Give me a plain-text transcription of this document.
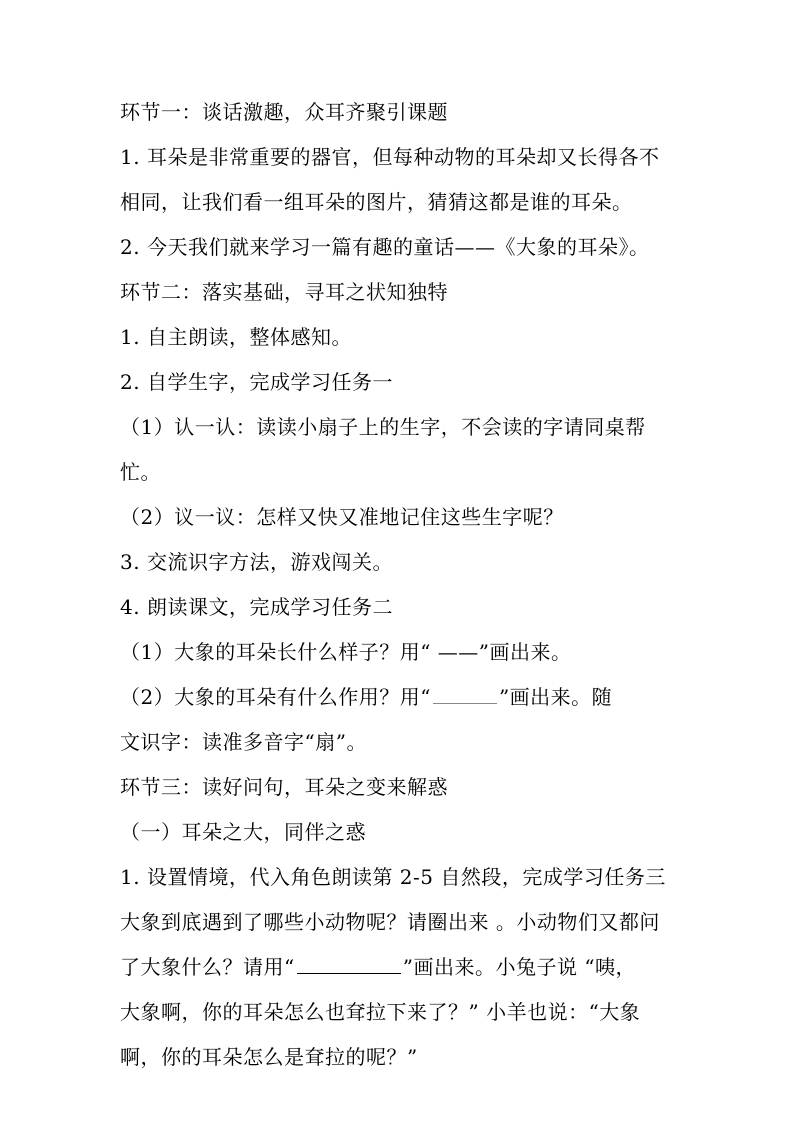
环节一：谈话激趣，众耳齐聚引课题
1. 耳朵是非常重要的器官，但每种动物的耳朵却又长得各不
相同，让我们看一组耳朵的图片，猜猜这都是谁的耳朵。
2. 今天我们就来学习一篇有趣的童话——《大象的耳朵》。
环节二：落实基础，寻耳之状知独特
1. 自主朗读，整体感知。
2. 自学生字，完成学习任务一
（1）认一认：读读小扇子上的生字，不会读的字请同桌帮
忙。
（2）议一议：怎样又快又准地记住这些生字呢？
3. 交流识字方法，游戏闯关。
4. 朗读课文，完成学习任务二
（1）大象的耳朵长什么样子？用“ ——”画出来。
（2）大象的耳朵有什么作用？用“	”画出来。随
文识字：读准多音字“扇”。
环节三：读好问句，耳朵之变来解惑
（一）耳朵之大，同伴之惑
1. 设置情境，代入角色朗读第 2-5 自然段，完成学习任务三
大象到底遇到了哪些小动物呢？请圈出来 。小动物们又都问
了大象什么？请用“	”画出来。小兔子说 “咦，
大象啊，你的耳朵怎么也耷拉下来了？” 小羊也说：“大象
啊，你的耳朵怎么是耷拉的呢？”
